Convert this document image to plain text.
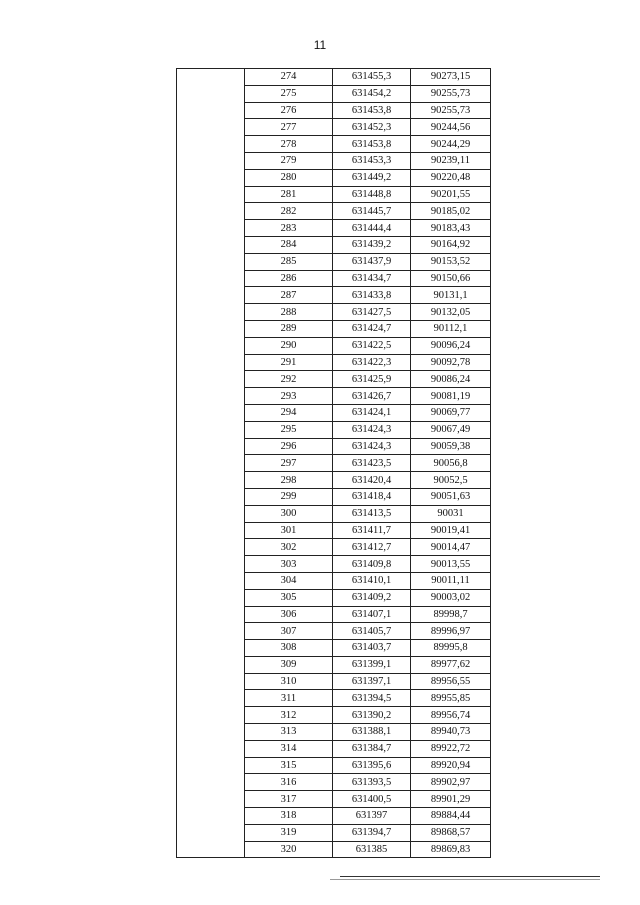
11
	274	631455,3	90273,15
	275	631454,2	90255,73
	276	631453,8	90255,73
	277	631452,3	90244,56
	278	631453,8	90244,29
	279	631453,3	90239,11
	280	631449,2	90220,48
	281	631448,8	90201,55
	282	631445,7	90185,02
	283	631444,4	90183,43
	284	631439,2	90164,92
	285	631437,9	90153,52
	286	631434,7	90150,66
	287	631433,8	90131,1
	288	631427,5	90132,05
	289	631424,7	90112,1
	290	631422,5	90096,24
	291	631422,3	90092,78
	292	631425,9	90086,24
	293	631426,7	90081,19
	294	631424,1	90069,77
	295	631424,3	90067,49
	296	631424,3	90059,38
	297	631423,5	90056,8
	298	631420,4	90052,5
	299	631418,4	90051,63
	300	631413,5	90031
	301	631411,7	90019,41
	302	631412,7	90014,47
	303	631409,8	90013,55
	304	631410,1	90011,11
	305	631409,2	90003,02
	306	631407,1	89998,7
	307	631405,7	89996,97
	308	631403,7	89995,8
	309	631399,1	89977,62
	310	631397,1	89956,55
	311	631394,5	89955,85
	312	631390,2	89956,74
	313	631388,1	89940,73
	314	631384,7	89922,72
	315	631395,6	89920,94
	316	631393,5	89902,97
	317	631400,5	89901,29
	318	631397	89884,44
	319	631394,7	89868,57
	320	631385	89869,83
